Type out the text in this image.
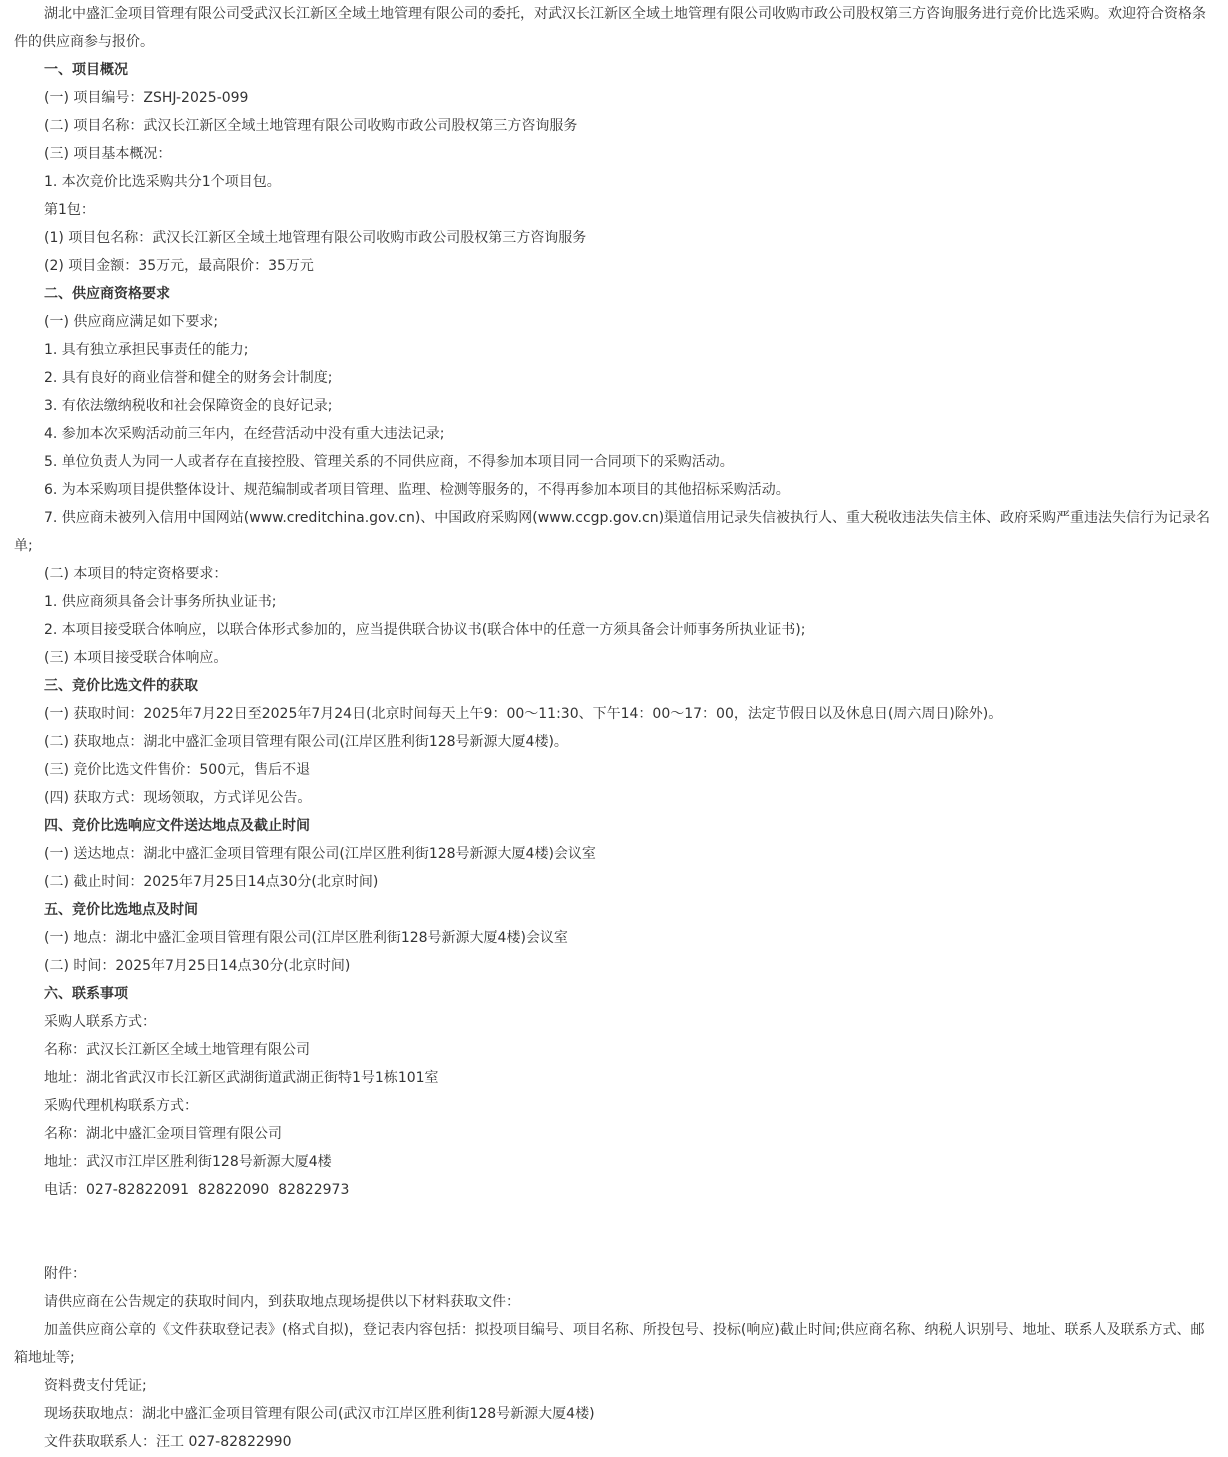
湖北中盛汇金项目管理有限公司受武汉长江新区全域土地管理有限公司的委托，对武汉长江新区全域土地管理有限公司收购市政公司股权第三方咨询服务进行竞价比选采购。欢迎符合资格条件的供应商参与报价。
一、项目概况
(一) 项目编号：ZSHJ-2025-099
(二) 项目名称：武汉长江新区全域土地管理有限公司收购市政公司股权第三方咨询服务
(三) 项目基本概况：
1. 本次竞价比选采购共分1个项目包。
第1包：
(1) 项目包名称：武汉长江新区全域土地管理有限公司收购市政公司股权第三方咨询服务
(2) 项目金额：35万元，最高限价：35万元
二、供应商资格要求
(一) 供应商应满足如下要求;
1. 具有独立承担民事责任的能力;
2. 具有良好的商业信誉和健全的财务会计制度;
3. 有依法缴纳税收和社会保障资金的良好记录;
4. 参加本次采购活动前三年内，在经营活动中没有重大违法记录;
5. 单位负责人为同一人或者存在直接控股、管理关系的不同供应商，不得参加本项目同一合同项下的采购活动。
6. 为本采购项目提供整体设计、规范编制或者项目管理、监理、检测等服务的，不得再参加本项目的其他招标采购活动。
7. 供应商未被列入信用中国网站(www.creditchina.gov.cn)、中国政府采购网(www.ccgp.gov.cn)渠道信用记录失信被执行人、重大税收违法失信主体、政府采购严重违法失信行为记录名单;
(二) 本项目的特定资格要求：
1. 供应商须具备会计事务所执业证书;
2. 本项目接受联合体响应，以联合体形式参加的，应当提供联合协议书(联合体中的任意一方须具备会计师事务所执业证书);
(三) 本项目接受联合体响应。
三、竞价比选文件的获取
(一) 获取时间：2025年7月22日至2025年7月24日(北京时间每天上午9：00～11:30、下午14：00～17：00，法定节假日以及休息日(周六周日)除外)。
(二) 获取地点：湖北中盛汇金项目管理有限公司(江岸区胜利街128号新源大厦4楼)。
(三) 竞价比选文件售价：500元，售后不退
(四) 获取方式：现场领取，方式详见公告。
四、竞价比选响应文件送达地点及截止时间
(一) 送达地点：湖北中盛汇金项目管理有限公司(江岸区胜利街128号新源大厦4楼)会议室
(二) 截止时间：2025年7月25日14点30分(北京时间)
五、竞价比选地点及时间
(一) 地点：湖北中盛汇金项目管理有限公司(江岸区胜利街128号新源大厦4楼)会议室
(二) 时间：2025年7月25日14点30分(北京时间)
六、联系事项
采购人联系方式：
名称：武汉长江新区全域土地管理有限公司
地址：湖北省武汉市长江新区武湖街道武湖正街特1号1栋101室
采购代理机构联系方式：
名称：湖北中盛汇金项目管理有限公司
地址：武汉市江岸区胜利街128号新源大厦4楼
电话：027-82822091  82822090  82822973
附件：
请供应商在公告规定的获取时间内，到获取地点现场提供以下材料获取文件：
加盖供应商公章的《文件获取登记表》(格式自拟)，登记表内容包括：拟投项目编号、项目名称、所投包号、投标(响应)截止时间;供应商名称、纳税人识别号、地址、联系人及联系方式、邮箱地址等;
资料费支付凭证;
现场获取地点：湖北中盛汇金项目管理有限公司(武汉市江岸区胜利街128号新源大厦4楼)
文件获取联系人：汪工 027-82822990
